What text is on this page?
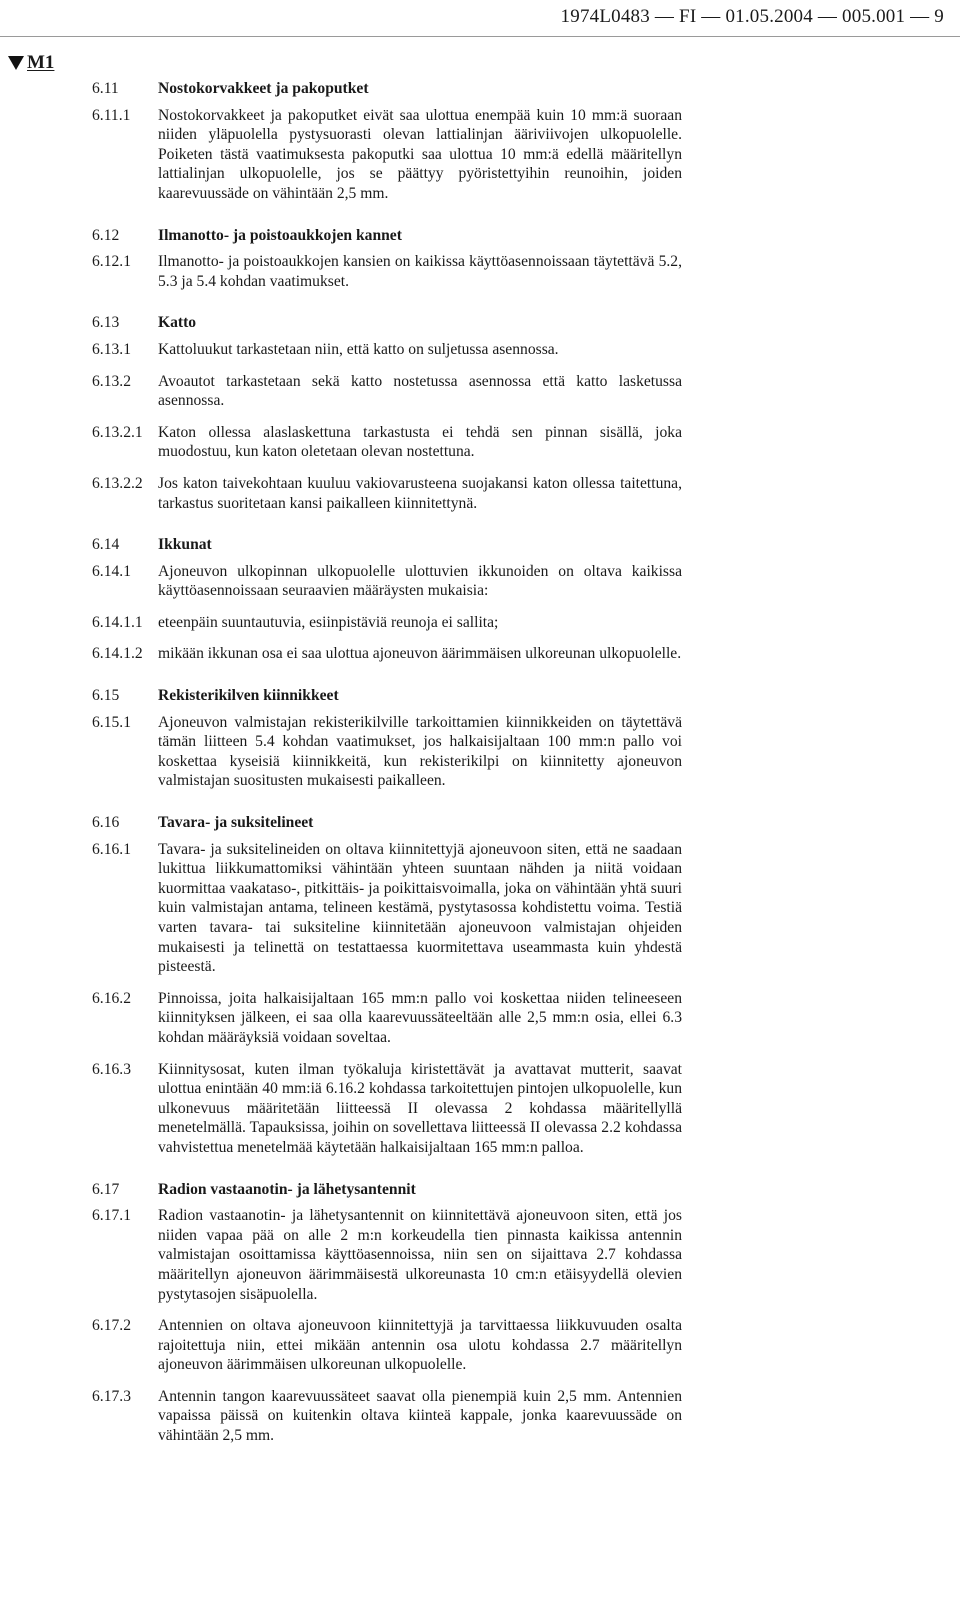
1974L0483 — FI — 01.05.2004 — 005.001 — 9
M1
6.11	Nostokorvakkeet ja pakoputket
6.11.1	Nostokorvakkeet ja pakoputket eivät saa ulottua enempää kuin 10 mm:ä suoraan niiden yläpuolella pystysuorasti olevan lattialinjan ääriviivojen ulkopuolelle. Poiketen tästä vaatimuksesta pakoputki saa ulottua 10 mm:ä edellä määritellyn lattialinjan ulkopuolelle, jos se päättyy pyöristettyihin reunoihin, joiden kaarevuussäde on vähintään 2,5 mm.
6.12	Ilmanotto- ja poistoaukkojen kannet
6.12.1	Ilmanotto- ja poistoaukkojen kansien on kaikissa käyttöasennoissaan täytettävä 5.2, 5.3 ja 5.4 kohdan vaatimukset.
6.13	Katto
6.13.1	Kattoluukut tarkastetaan niin, että katto on suljetussa asennossa.
6.13.2	Avoautot tarkastetaan sekä katto nostetussa asennossa että katto lasketussa asennossa.
6.13.2.1 Katon ollessa alaslaskettuna tarkastusta ei tehdä sen pinnan sisällä, joka muodostuu, kun katon oletetaan olevan nostettuna.
6.13.2.2 Jos katon taivekohtaan kuuluu vakiovarusteena suojakansi katon ollessa taitettuna, tarkastus suoritetaan kansi paikalleen kiinnitettynä.
6.14	Ikkunat
6.14.1	Ajoneuvon ulkopinnan ulkopuolelle ulottuvien ikkunoiden on oltava kaikissa käyttöasennoissaan seuraavien määräysten mukaisia:
6.14.1.1 eteenpäin suuntautuvia, esiinpistäviä reunoja ei sallita;
6.14.1.2 mikään ikkunan osa ei saa ulottua ajoneuvon äärimmäisen ulkoreunan ulkopuolelle.
6.15	Rekisterikilven kiinnikkeet
6.15.1	Ajoneuvon valmistajan rekisterikilville tarkoittamien kiinnikkeiden on täytettävä tämän liitteen 5.4 kohdan vaatimukset, jos halkaisijaltaan 100 mm:n pallo voi koskettaa kyseisiä kiinnikkeitä, kun rekisterikilpi on kiinnitetty ajoneuvon valmistajan suositusten mukaisesti paikalleen.
6.16	Tavara- ja suksitelineet
6.16.1	Tavara- ja suksitelineiden on oltava kiinnitettyjä ajoneuvoon siten, että ne saadaan lukittua liikkumattomiksi vähintään yhteen suuntaan nähden ja niitä voidaan kuormittaa vaakataso-, pitkittäis- ja poikittaisvoimalla, joka on vähintään yhtä suuri kuin valmistajan antama, telineen kestämä, pystytasossa kohdistettu voima. Testiä varten tavara- tai suksiteline kiinnitetään ajoneuvoon valmistajan ohjeiden mukaisesti ja telinettä on testattaessa kuormitettava useammasta kuin yhdestä pisteestä.
6.16.2	Pinnoissa, joita halkaisijaltaan 165 mm:n pallo voi koskettaa niiden telineeseen kiinnityksen jälkeen, ei saa olla kaarevuussäteeltään alle 2,5 mm:n osia, ellei 6.3 kohdan määräyksiä voidaan soveltaa.
6.16.3	Kiinnitysosat, kuten ilman työkaluja kiristettävät ja avattavat mutterit, saavat ulottua enintään 40 mm:iä 6.16.2 kohdassa tarkoitettujen pintojen ulkopuolelle, kun ulkonevuus määritetään liitteessä II olevassa 2 kohdassa määritellyllä menetelmällä. Tapauksissa, joihin on sovellettava liitteessä II olevassa 2.2 kohdassa vahvistettua menetelmää käytetään halkaisijaltaan 165 mm:n palloa.
6.17	Radion vastaanotin- ja lähetysantennit
6.17.1	Radion vastaanotin- ja lähetysantennit on kiinnitettävä ajoneuvoon siten, että jos niiden vapaa pää on alle 2 m:n korkeudella tien pinnasta kaikissa antennin valmistajan osoittamissa käyttöasennoissa, niin sen on sijaittava 2.7 kohdassa määritellyn ajoneuvon äärimmäisestä ulkoreunasta 10 cm:n etäisyydellä olevien pystytasojen sisäpuolella.
6.17.2	Antennien on oltava ajoneuvoon kiinnitettyjä ja tarvittaessa liikkuvuuden osalta rajoitettuja niin, ettei mikään antennin osa ulotu kohdassa 2.7 määritellyn ajoneuvon äärimmäisen ulkoreunan ulkopuolelle.
6.17.3	Antennin tangon kaarevuussäteet saavat olla pienempiä kuin 2,5 mm. Antennien vapaissa päissä on kuitenkin oltava kiinteä kappale, jonka kaarevuussäde on vähintään 2,5 mm.
